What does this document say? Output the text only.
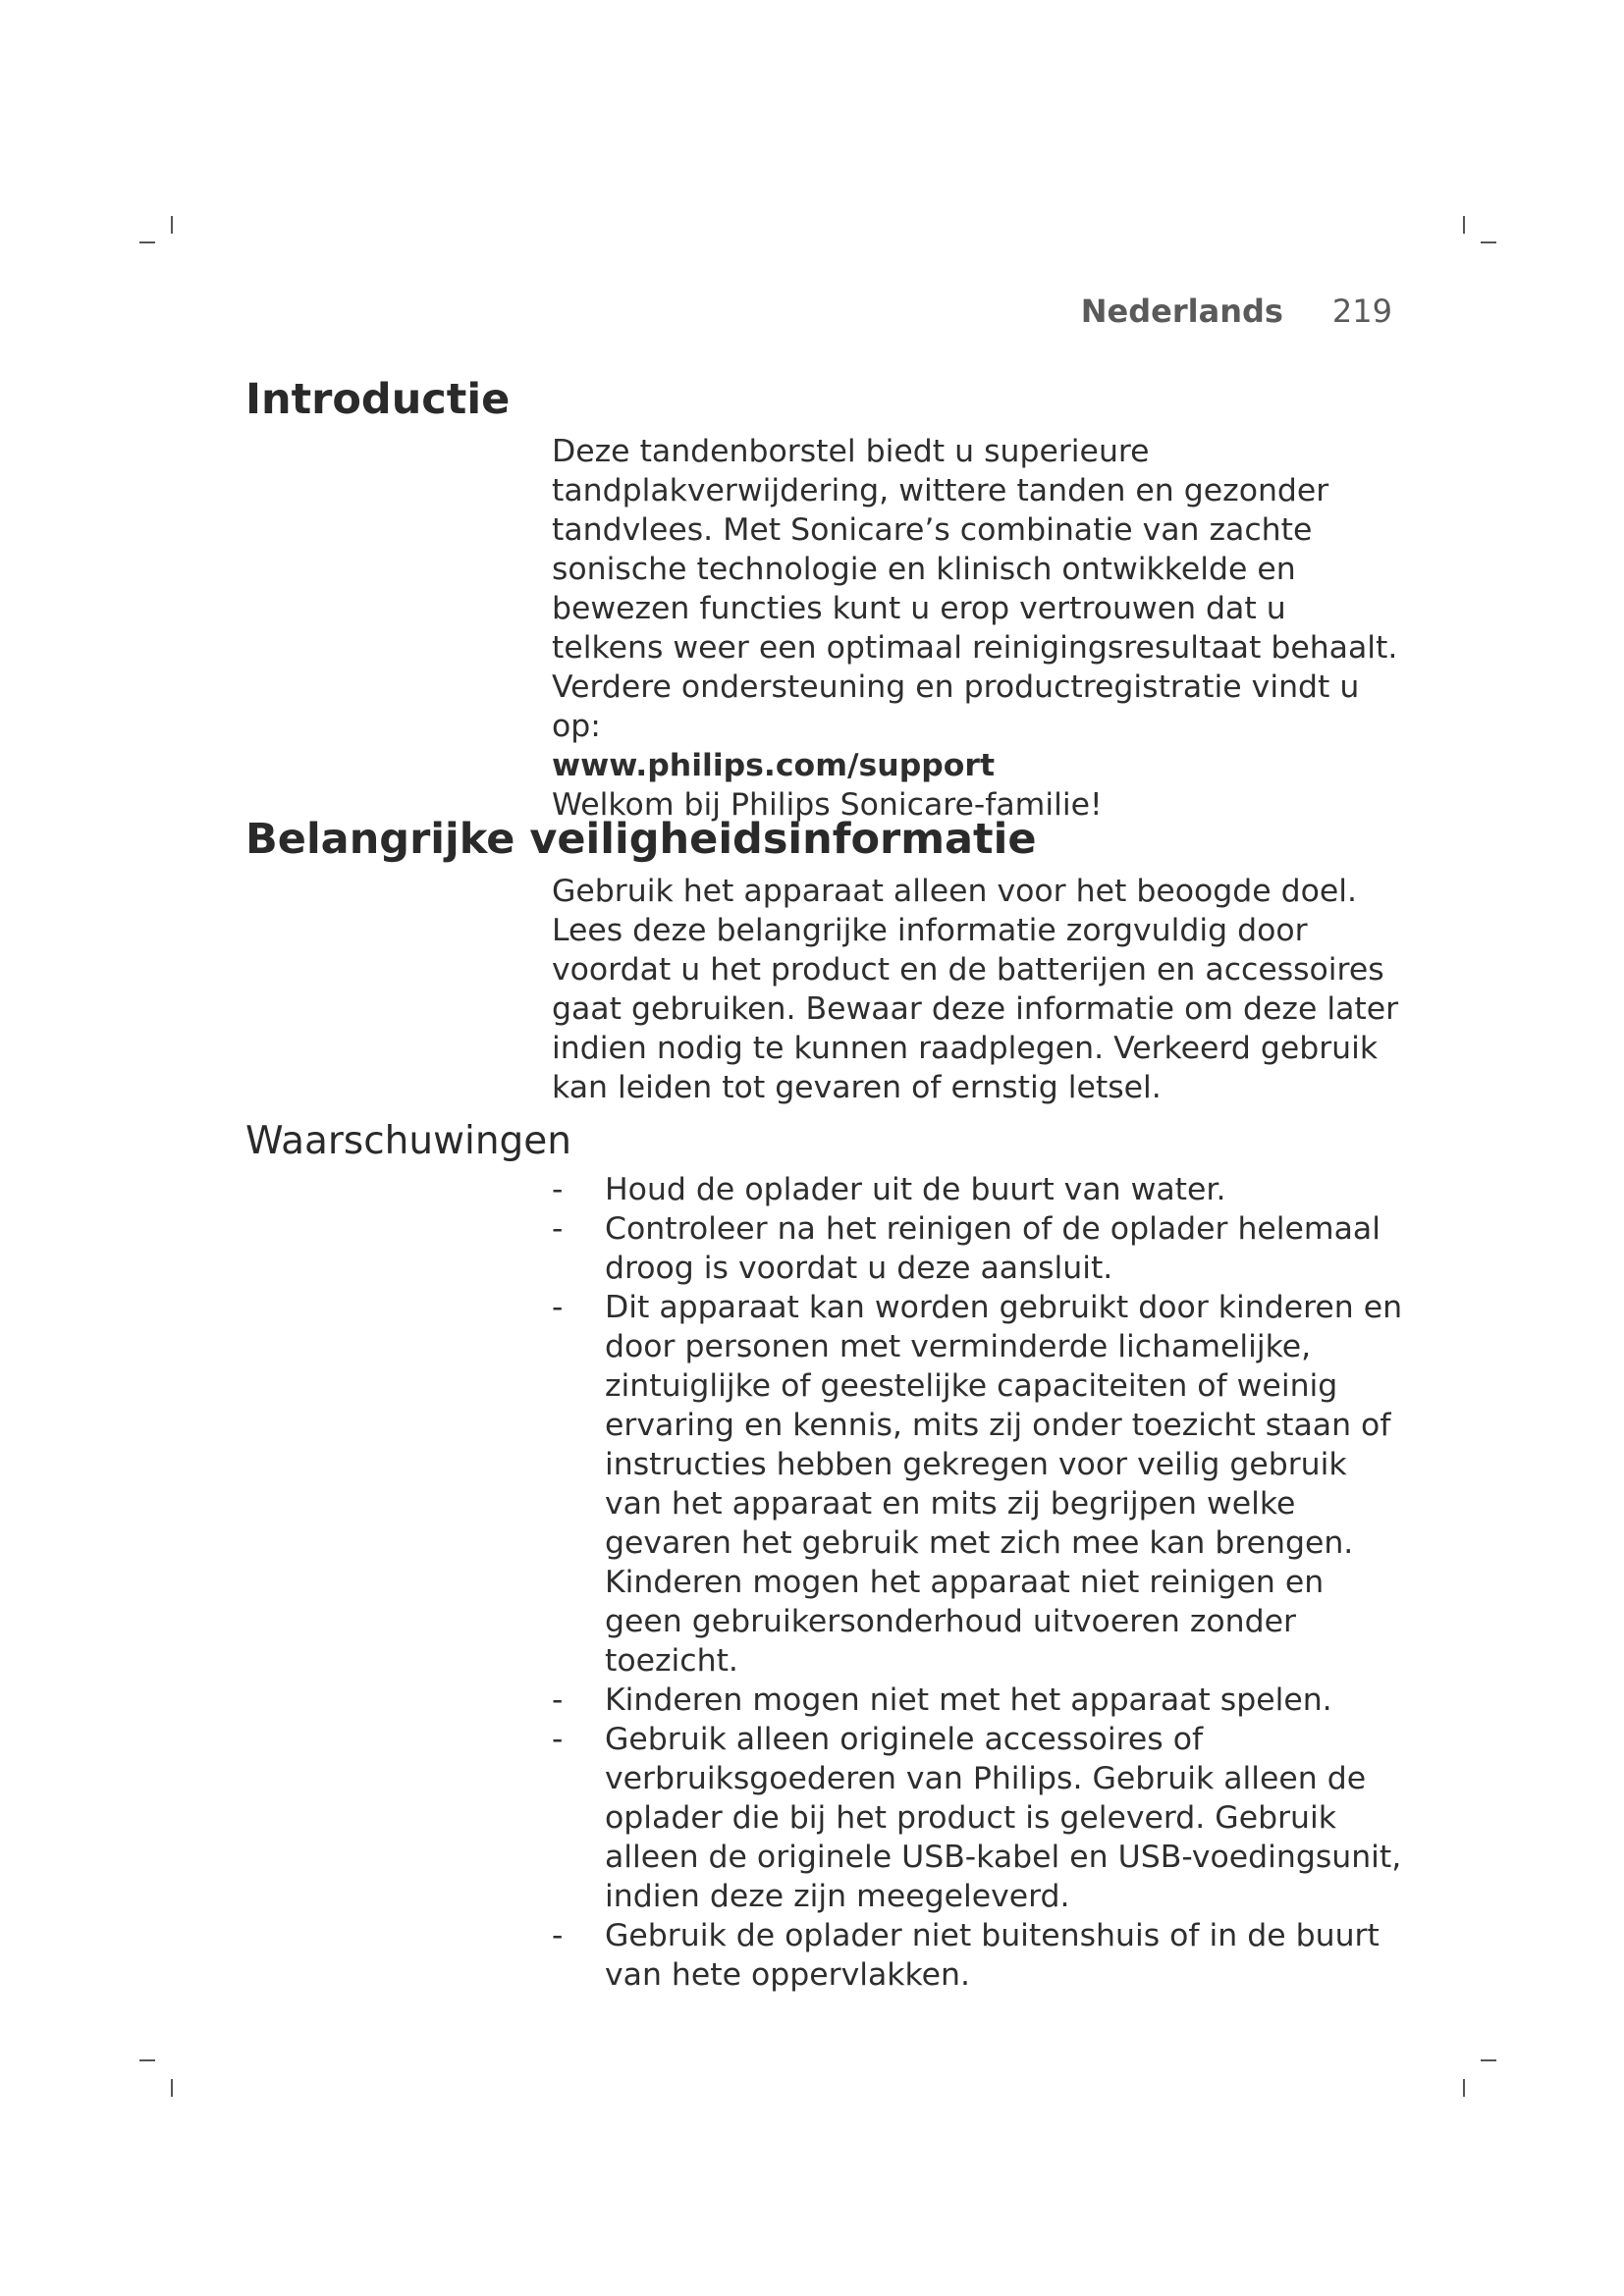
Nederlands 219
Introductie

Deze tandenborstel biedt u superieure tandplakverwijdering, wittere tanden en gezonder tandvlees. Met Sonicare’s combinatie van zachte sonische technologie en klinisch ontwikkelde en bewezen functies kunt u erop vertrouwen dat u telkens weer een optimaal reinigingsresultaat behaalt.

Verdere ondersteuning en productregistratie vindt u op:

www.philips.com/support

Welkom bij Philips Sonicare-familie!

Belangrijke veiligheidsinformatie

Gebruik het apparaat alleen voor het beoogde doel. Lees deze belangrijke informatie zorgvuldig door voordat u het product en de batterijen en accessoires gaat gebruiken. Bewaar deze informatie om deze later indien nodig te kunnen raadplegen. Verkeerd gebruik kan leiden tot gevaren of ernstig letsel.

Waarschuwingen
- Houd de oplader uit de buurt van water.
- Controleer na het reinigen of de oplader helemaal droog is voordat u deze aansluit.
- Dit apparaat kan worden gebruikt door kinderen en door personen met verminderde lichamelijke, zintuiglijke of geestelijke capaciteiten of weinig ervaring en kennis, mits zij onder toezicht staan of instructies hebben gekregen voor veilig gebruik van het apparaat en mits zij begrijpen welke gevaren het gebruik met zich mee kan brengen. Kinderen mogen het apparaat niet reinigen en geen gebruikersonderhoud uitvoeren zonder toezicht.
- Kinderen mogen niet met het apparaat spelen.
- Gebruik alleen originele accessoires of verbruiksgoederen van Philips. Gebruik alleen de oplader die bij het product is geleverd. Gebruik alleen de originele USB-kabel en USB-voedingsunit, indien deze zijn meegeleverd.
- Gebruik de oplader niet buitenshuis of in de buurt van hete oppervlakken.
